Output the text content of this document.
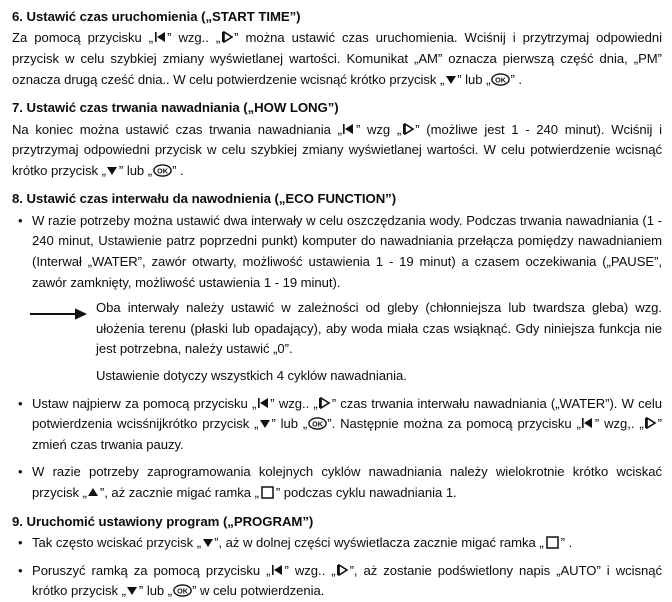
6. Ustawić czas uruchomienia („START TIME”)

Za pomocą przycisku „ ” wzg.. „ ” można ustawić czas uruchomienia. Wciśnij i przytrzymaj odpowiedni przycisk w celu szybkiej zmiany wyświetlanej wartości. Komunikat „AM” oznacza pierwszą część dnia, „PM” oznacza drugą cześć dnia.. W celu potwierdzenie wcisnąć krótko przycisk „ ” lub „ OK ” .

7. Ustawić czas trwania nawadniania („HOW LONG”)

Na koniec można ustawić czas trwania nawadniania „ ” wzg „ ” (możliwe jest 1 - 240 minut). Wciśnij i przytrzymaj odpowiedni przycisk w celu szybkiej zmiany wyświetlanej wartości. W celu potwierdzenie wcisnąć krótko przycisk „ ” lub „ OK ” .

8. Ustawić czas interwału da nawodnienia („ECO FUNCTION”)
• W razie potrzeby można ustawić dwa interwały w celu oszczędzania wody. Podczas trwania nawadniania (1 - 240 minut, Ustawienie patrz poprzedni punkt) komputer do nawadniania przełącza pomiędzy nawadnianiem (Interwał „WATER”, zawór otwarty, możliwość ustawienia 1 - 19 minut) a czasem oczekiwania („PAUSE”, zawór zamknięty, możliwość ustawienia 1 - 19 minut).
Oba interwały należy ustawić w zależności od gleby (chłonniejsza lub twardsza gleba) wzg. ułożenia terenu (płaski lub opadający), aby woda miała czas wsiąknąć. Gdy niniejsza funkcja nie jest potrzebna, należy ustawić „0”.
Ustawienie dotyczy wszystkich 4 cyklów nawadniania.
• Ustaw najpierw za pomocą przycisku „ ” wzg.. „ ” czas trwania interwału nawadniania („WATER”). W celu potwierdzenia wcisśnijkrótko przycisk „ ” lub „ OK ”. Następnie można za pomocą przycisku „ ” wzg,. „ ” zmień czas trwania pauzy.
• W razie potrzeby zaprogramowania kolejnych cyklów nawadniania należy wielokrotnie krótko wciskać przycisk „ ”, aż zacznie migać ramka „ ” podczas cyklu nawadniania 1.
9. Uruchomić ustawiony program („PROGRAM”)
• Tak często wciskać przycisk „ ”, aż w dolnej części wyświetlacza zacznie migać ramka „ ” .
• Poruszyć ramką za pomocą przycisku „ ” wzg.. „ ”, aż zostanie podświetlony napis „AUTO” i wcisnąć krótko przycisk „ ” lub „ OK ” w celu potwierdzenia.
